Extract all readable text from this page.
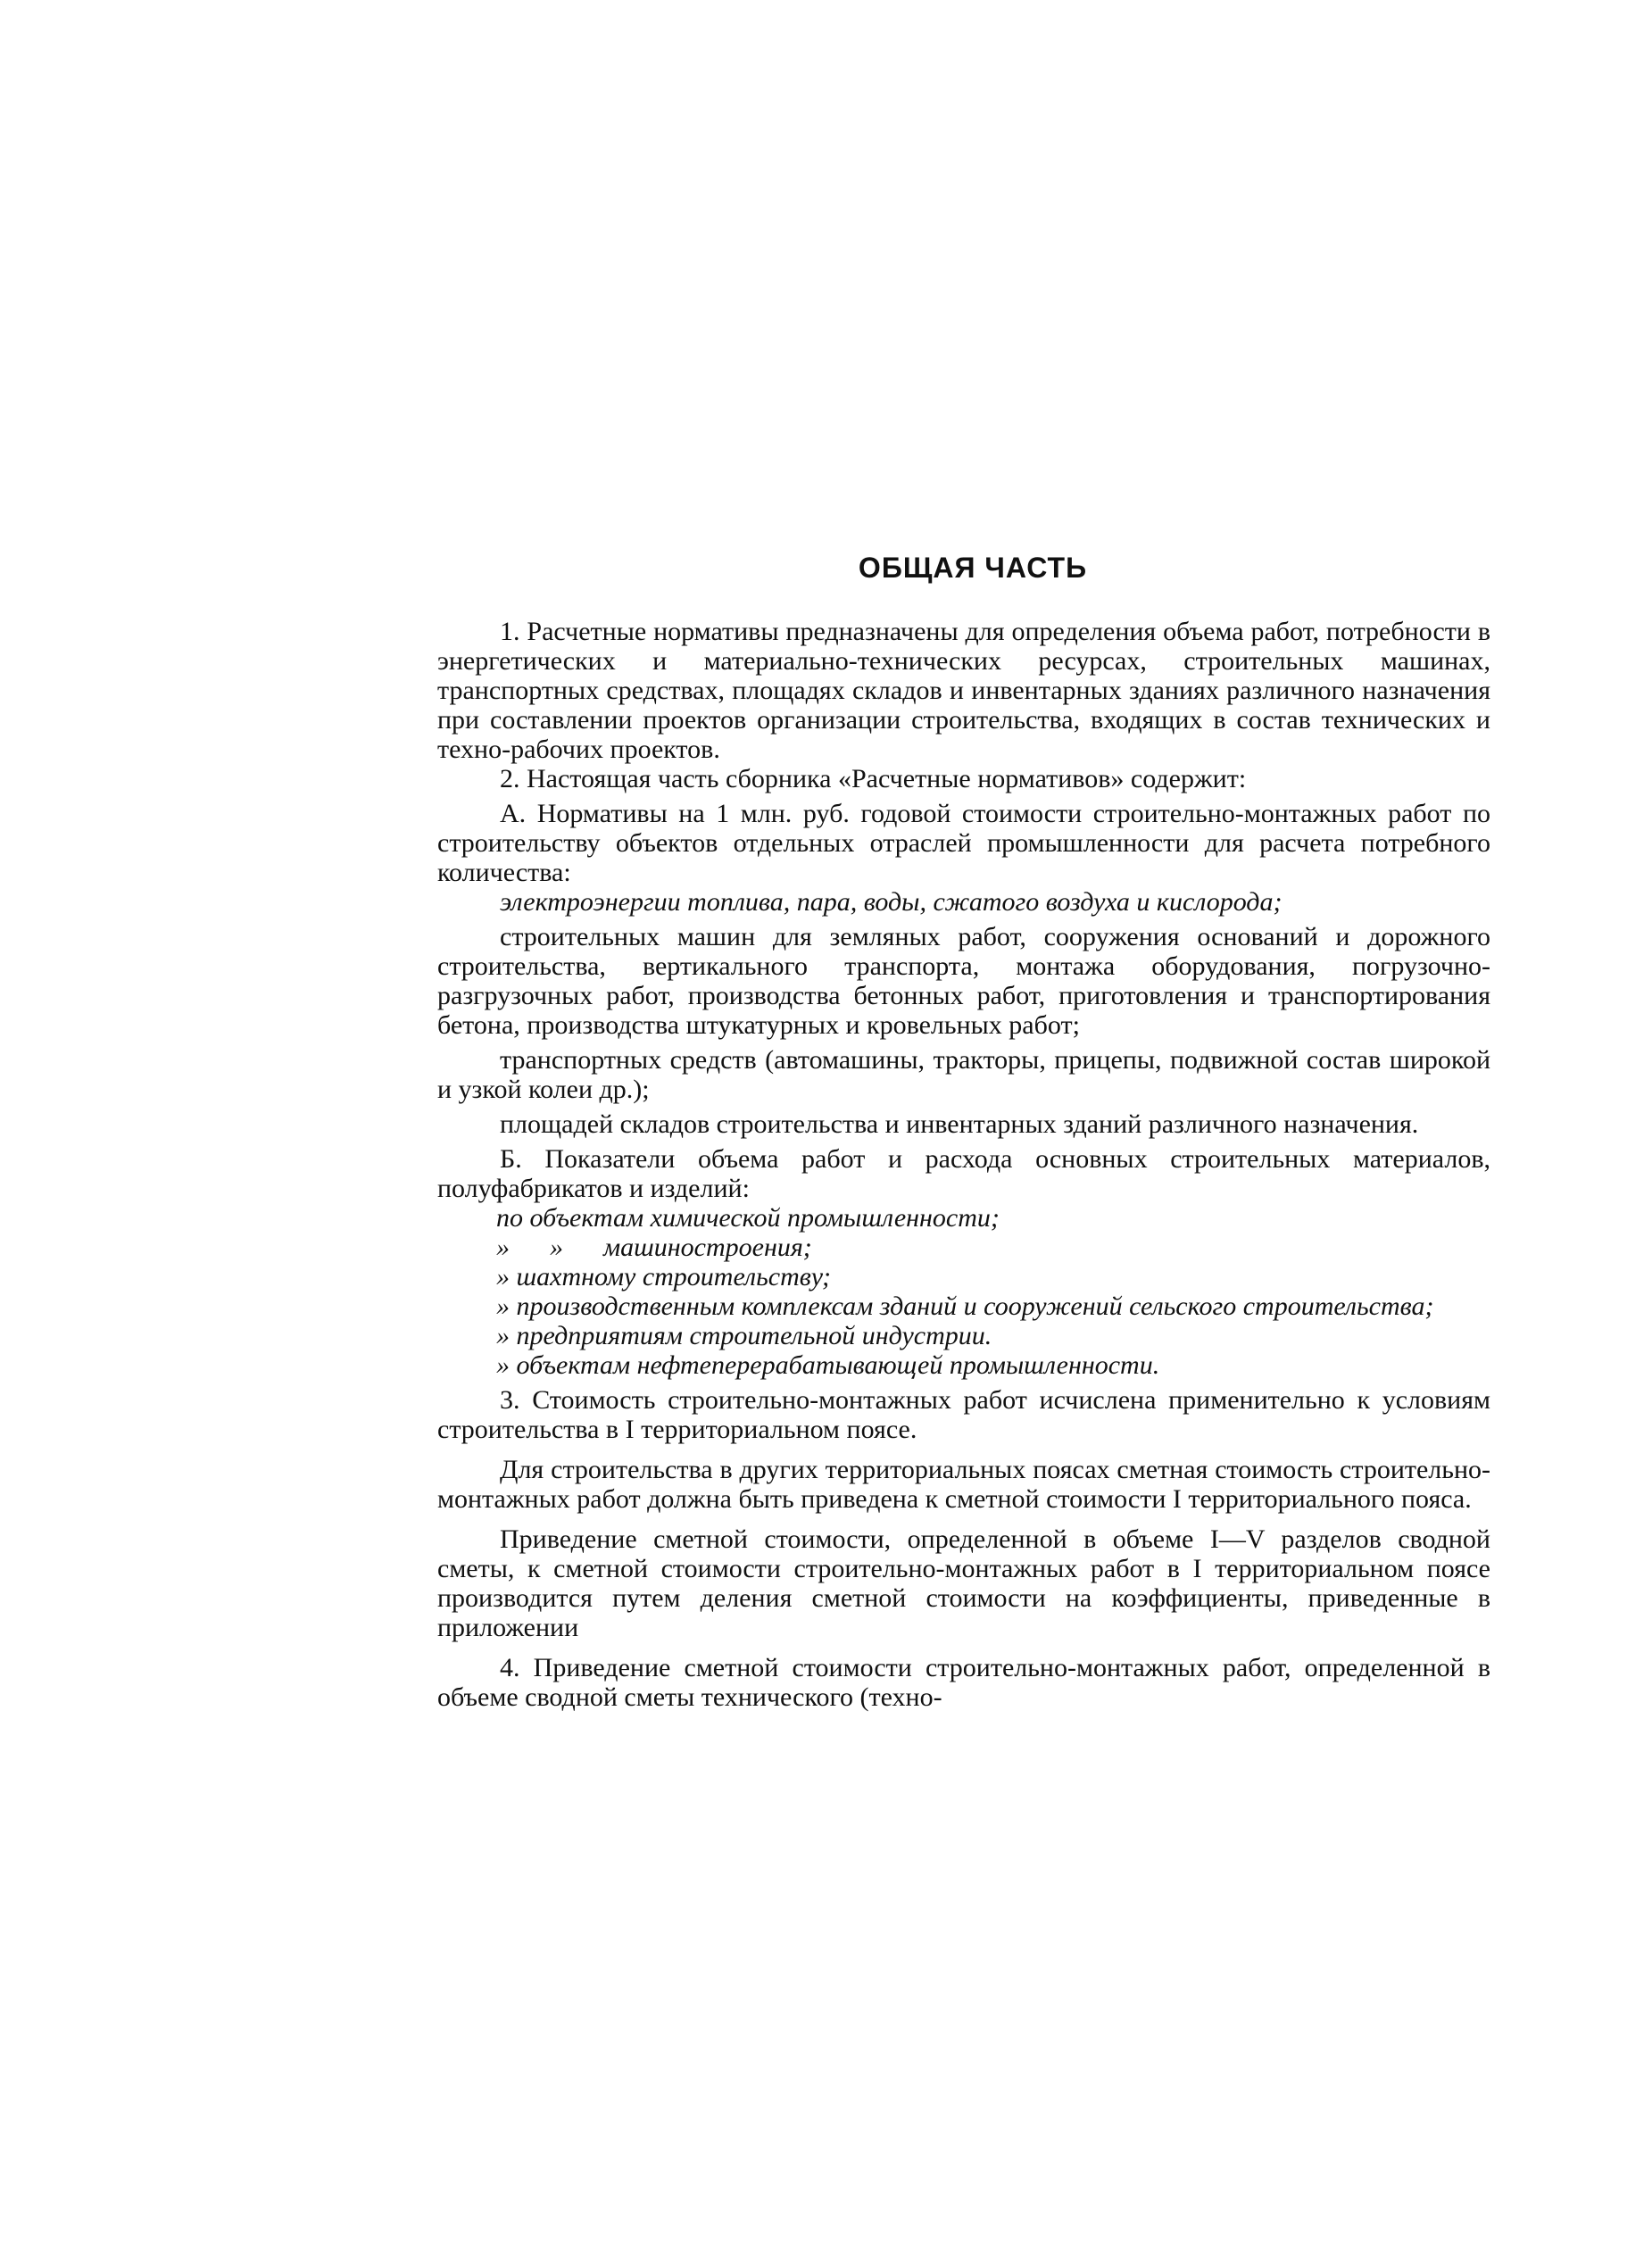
ОБЩАЯ ЧАСТЬ

1. Расчетные нормативы предназначены для определения объема работ, потребности в энергетических и материально-технических ресурсах, строительных машинах, транспортных средствах, площадях складов и инвентарных зданиях различного назначения при составлении проектов организации строительства, входящих в состав технических и техно-рабочих проектов.

2. Настоящая часть сборника «Расчетные нормативов» содержит:

А. Нормативы на 1 млн. руб. годовой стоимости строительно-монтажных работ по строительству объектов отдельных отраслей промышленности для расчета потребного количества:

электроэнергии топлива, пара, воды, сжатого воздуха и кислорода;

строительных машин для земляных работ, сооружения оснований и дорожного строительства, вертикального транспорта, монтажа оборудования, погрузочно-разгрузочных работ, производства бетонных работ, приготовления и транспортирования бетона, производства штукатурных и кровельных работ;

транспортных средств (автомашины, тракторы, прицепы, подвижной состав широкой и узкой колеи др.);

площадей складов строительства и инвентарных зданий различного назначения.

Б. Показатели объема работ и расхода основных строительных материалов, полуфабрикатов и изделий:

по объектам химической промышленности;
»      »      машиностроения;
» шахтному строительству;
» производственным комплексам зданий и сооружений сельского строительства;
» предприятиям строительной индустрии.
» объектам нефтеперерабатывающей промышленности.

3. Стоимость строительно-монтажных работ исчислена применительно к условиям строительства в I территориальном поясе.

Для строительства в других территориальных поясах сметная стоимость строительно-монтажных работ должна быть приведена к сметной стоимости I территориального пояса.

Приведение сметной стоимости, определенной в объеме I—V разделов сводной сметы, к сметной стоимости строительно-монтажных работ в I территориальном поясе производится путем деления сметной стоимости на коэффициенты, приведенные в приложении

4. Приведение сметной стоимости строительно-монтажных работ, определенной в объеме сводной сметы технического (техно-
